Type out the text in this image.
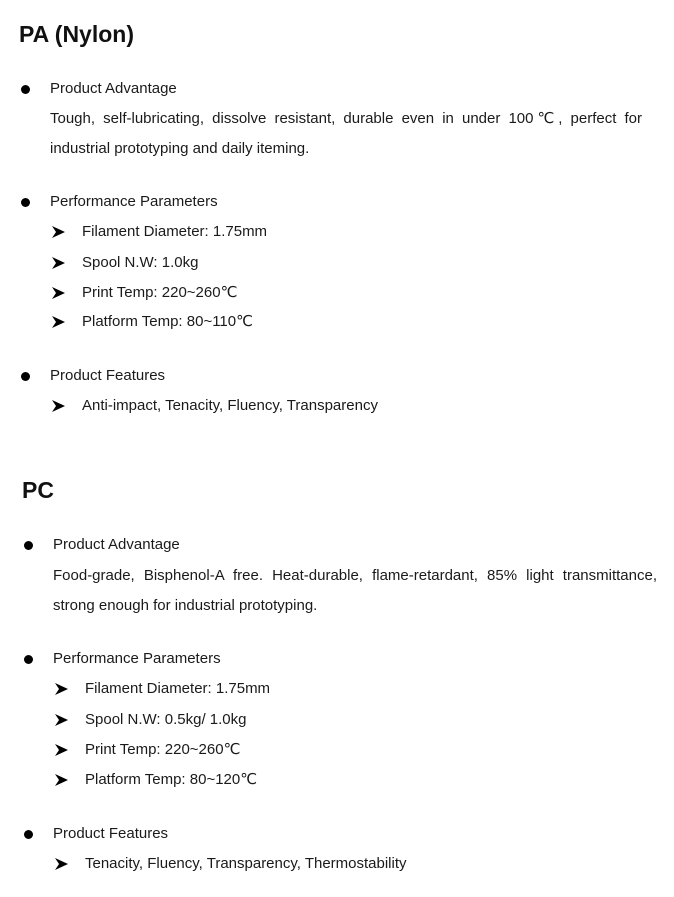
PA (Nylon)
Product Advantage
Tough, self-lubricating, dissolve resistant, durable even in under 100℃, perfect for industrial prototyping and daily iteming.
Performance Parameters
Filament Diameter: 1.75mm
Spool N.W: 1.0kg
Print Temp: 220~260℃
Platform Temp: 80~110℃
Product Features
Anti-impact, Tenacity, Fluency, Transparency
PC
Product Advantage
Food-grade, Bisphenol-A free. Heat-durable, flame-retardant, 85% light transmittance, strong enough for industrial prototyping.
Performance Parameters
Filament Diameter: 1.75mm
Spool N.W: 0.5kg/ 1.0kg
Print Temp: 220~260℃
Platform Temp: 80~120℃
Product Features
Tenacity, Fluency, Transparency, Thermostability
